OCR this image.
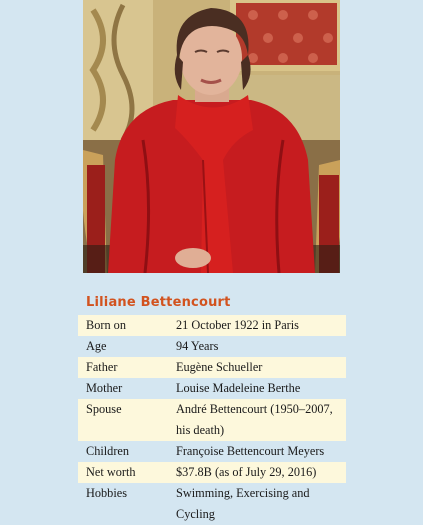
Liliane Bettencourt
Born on	21 October 1922 in Paris
Age	94 Years
Father	Eugène Schueller
Mother	Louise Madeleine Berthe
Spouse	André Bettencourt (1950–2007, his death)
Children	Françoise Bettencourt Meyers
Net worth	$37.8B (as of July 29, 2016)
Hobbies	Swimming, Exercising and Cycling
